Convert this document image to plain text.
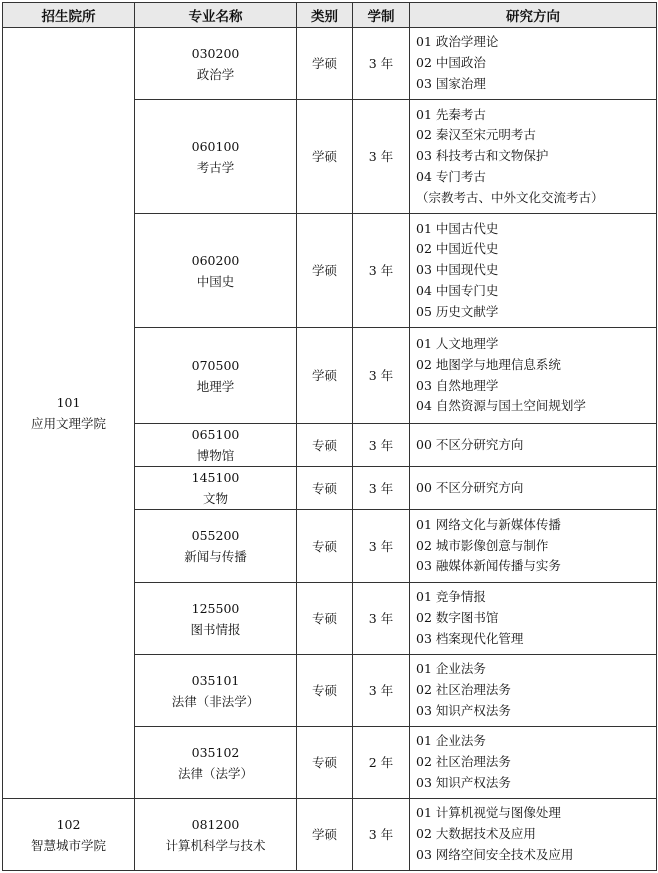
招生院所	专业名称	类别	学制	研究方向

101
应用文理学院	030200
政治学	学硕	3 年	01 政治学理论
02 中国政治
03 国家治理

	060100
考古学	学硕	3 年	01 先秦考古
02 秦汉至宋元明考古
03 科技考古和文物保护
04 专门考古
（宗教考古、中外文化交流考古）

	060200
中国史	学硕	3 年	01 中国古代史
02 中国近代史
03 中国现代史
04 中国专门史
05 历史文献学

	070500
地理学	学硕	3 年	01 人文地理学
02 地图学与地理信息系统
03 自然地理学
04 自然资源与国土空间规划学

	065100
博物馆	专硕	3 年	00 不区分研究方向

	145100
文物	专硕	3 年	00 不区分研究方向

	055200
新闻与传播	专硕	3 年	01 网络文化与新媒体传播
02 城市影像创意与制作
03 融媒体新闻传播与实务

	125500
图书情报	专硕	3 年	01 竞争情报
02 数字图书馆
03 档案现代化管理

	035101
法律（非法学）	专硕	3 年	01 企业法务
02 社区治理法务
03 知识产权法务

	035102
法律（法学）	专硕	2 年	01 企业法务
02 社区治理法务
03 知识产权法务

102
智慧城市学院	081200
计算机科学与技术	学硕	3 年	01 计算机视觉与图像处理
02 大数据技术及应用
03 网络空间安全技术及应用
